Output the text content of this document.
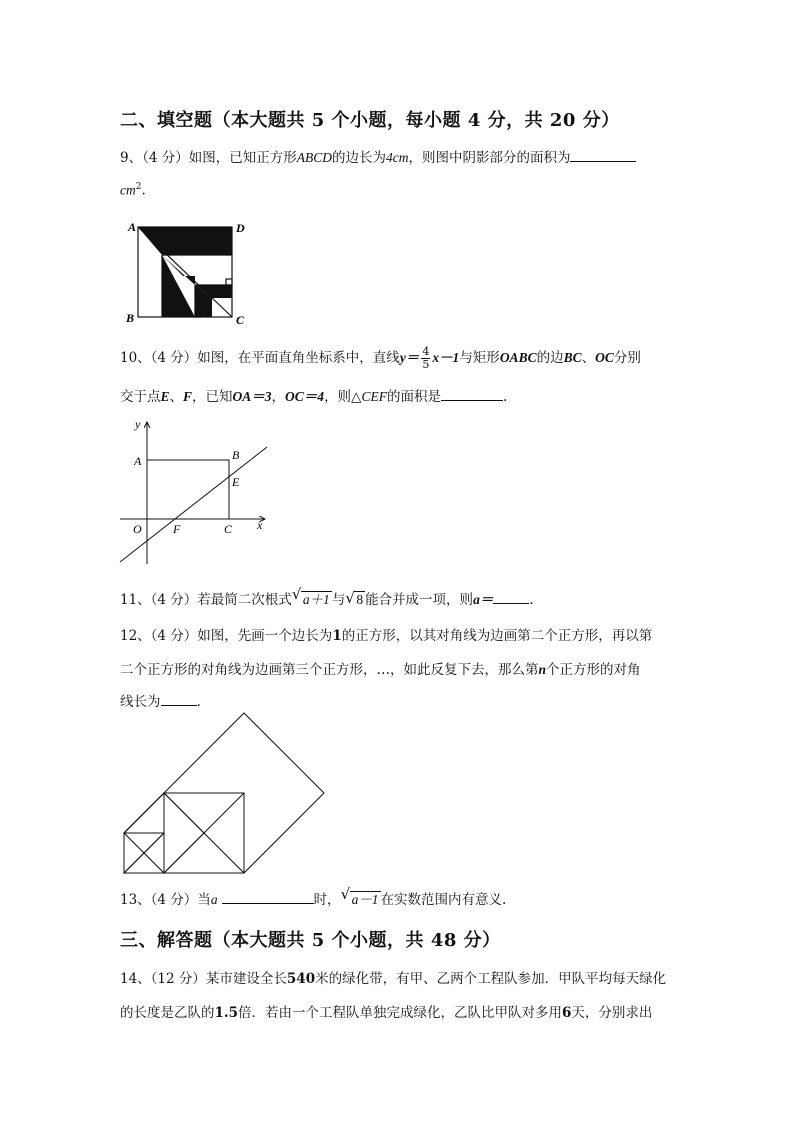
二、填空题（本大题共 5 个小题，每小题 4 分，共 20 分）
9、（4 分）如图，已知正方形ABCD的边长为4cm，则图中阴影部分的面积为
$cm^2$.
A	D
B	C
10、（4 分）如图，在平面直角坐标系中，直线$y= \frac{4}{5} x-1$与矩形OABC的边BC、OC分别
交于点E、F，已知OA＝3，OC＝4，则△CEF的面积是	.
y
x
A	B
E
O	F	C
11、（4 分）若最简二次根式 √ a＋1 与 √ 8 能合并成一项，则a＝	.
12、（4 分）如图，先画一个边长为1的正方形，以其对角线为边画第二个正方形，再以第
二个正方形的对角线为边画第三个正方形，…，如此反复下去，那么第n个正方形的对角
线长为	.
13、（4 分）当a	时， √ a－1 在实数范围内有意义.
三、解答题（本大题共 5 个小题，共 48 分）
14、（12 分）某市建设全长540米的绿化带，有甲、乙两个工程队参加．甲队平均每天绿化
的长度是乙队的1.5倍．若由一个工程队单独完成绿化，乙队比甲队对多用6天，分别求出
